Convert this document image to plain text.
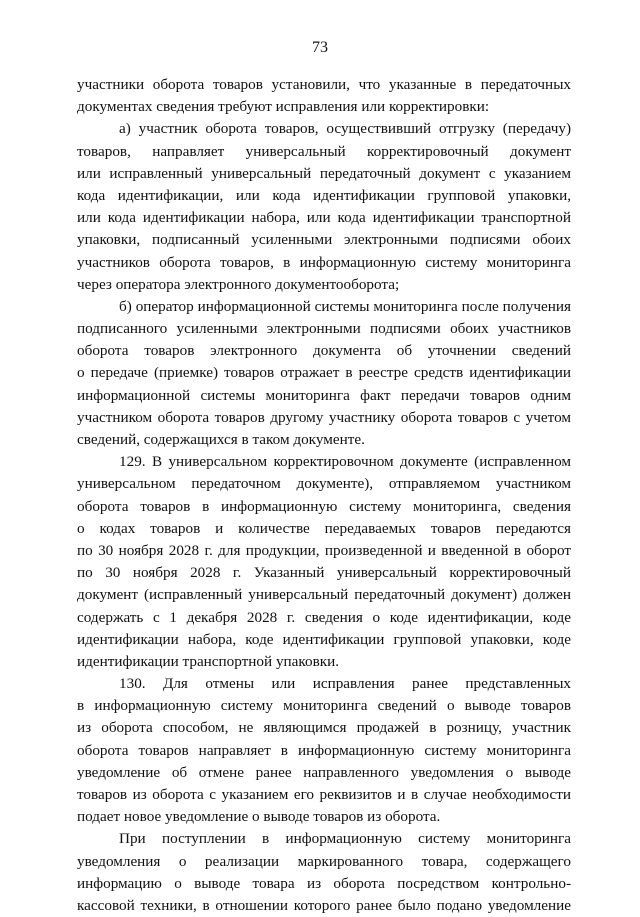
73
участники оборота товаров установили, что указанные в передаточных
документах сведения требуют исправления или корректировки:
а) участник оборота товаров, осуществивший отгрузку (передачу)
товаров, направляет универсальный корректировочный документ
или исправленный универсальный передаточный документ с указанием
кода идентификации, или кода идентификации групповой упаковки,
или кода идентификации набора, или кода идентификации транспортной
упаковки, подписанный усиленными электронными подписями обоих
участников оборота товаров, в информационную систему мониторинга
через оператора электронного документооборота;
б) оператор информационной системы мониторинга после получения
подписанного усиленными электронными подписями обоих участников
оборота товаров электронного документа об уточнении сведений
о передаче (приемке) товаров отражает в реестре средств идентификации
информационной системы мониторинга факт передачи товаров одним
участником оборота товаров другому участнику оборота товаров с учетом
сведений, содержащихся в таком документе.
129. В универсальном корректировочном документе (исправленном
универсальном передаточном документе), отправляемом участником
оборота товаров в информационную систему мониторинга, сведения
о кодах товаров и количестве передаваемых товаров передаются
по 30 ноября 2028 г. для продукции, произведенной и введенной в оборот
по 30 ноября 2028 г. Указанный универсальный корректировочный
документ (исправленный универсальный передаточный документ) должен
содержать с 1 декабря 2028 г. сведения о коде идентификации, коде
идентификации набора, коде идентификации групповой упаковки, коде
идентификации транспортной упаковки.
130. Для отмены или исправления ранее представленных
в информационную систему мониторинга сведений о выводе товаров
из оборота способом, не являющимся продажей в розницу, участник
оборота товаров направляет в информационную систему мониторинга
уведомление об отмене ранее направленного уведомления о выводе
товаров из оборота с указанием его реквизитов и в случае необходимости
подает новое уведомление о выводе товаров из оборота.
При поступлении в информационную систему мониторинга
уведомления о реализации маркированного товара, содержащего
информацию о выводе товара из оборота посредством контрольно-
кассовой техники, в отношении которого ранее было подано уведомление
